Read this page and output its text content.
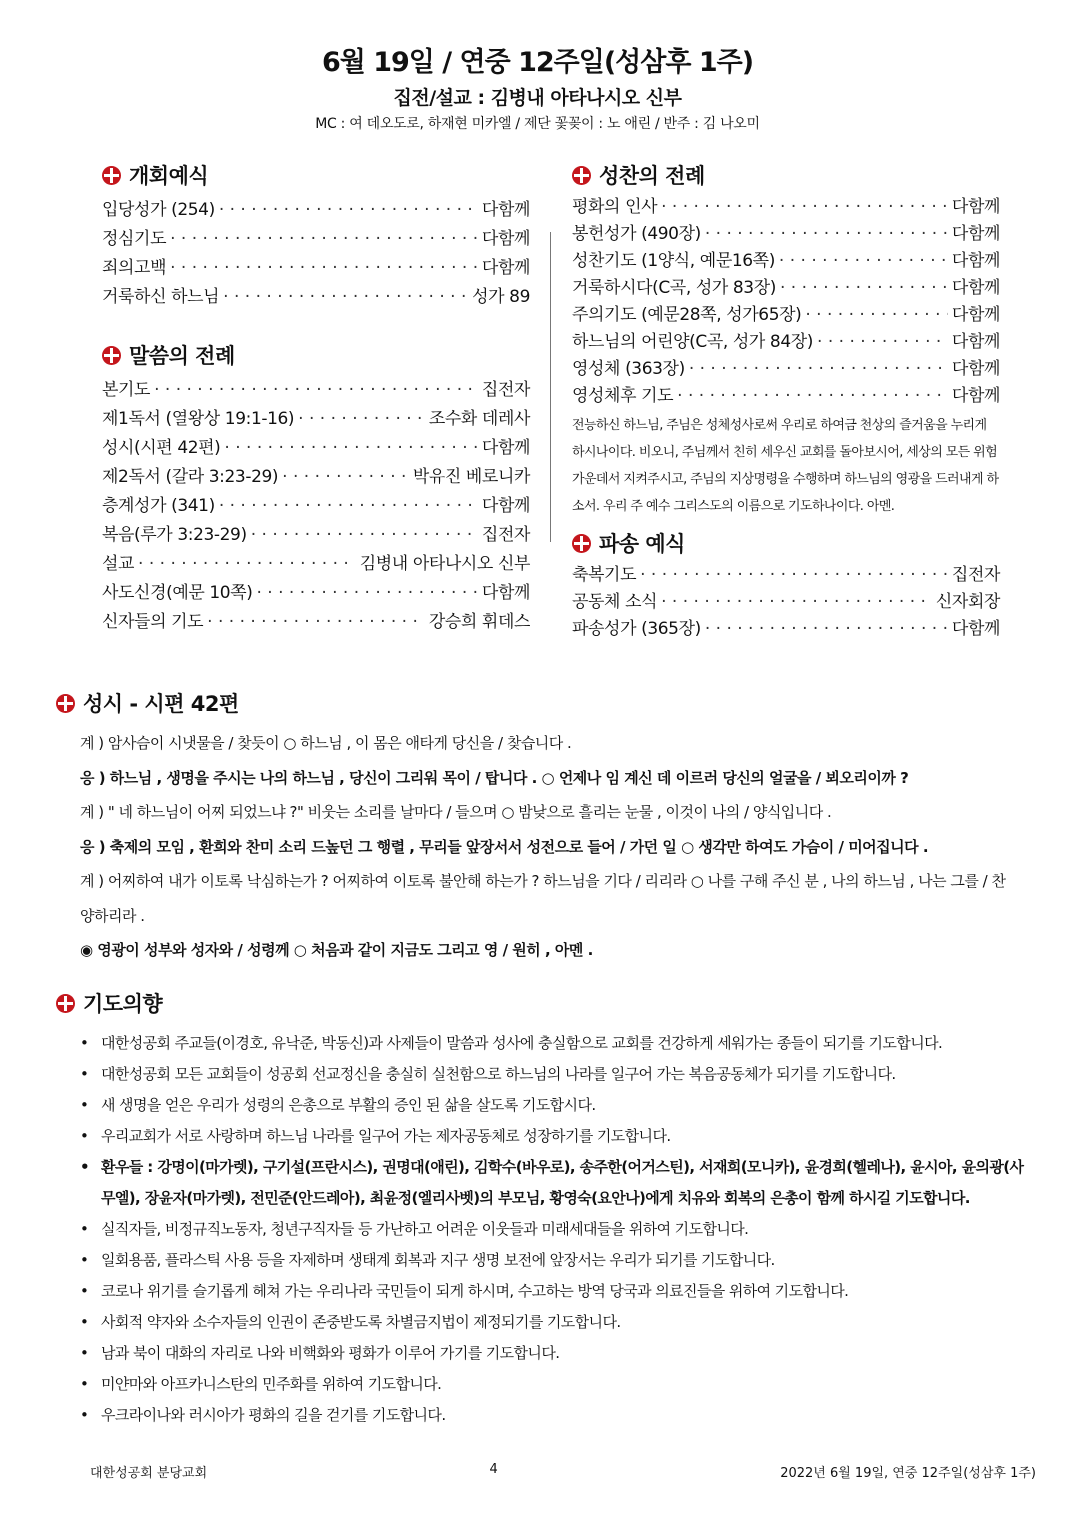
6월 19일 / 연중 12주일(성삼후 1주)
집전/설교 : 김병내 아타나시오 신부
MC : 여 데오도로, 하재현 미카엘 / 제단 꽃꽂이 : 노 애린 / 반주 : 김 나오미
개회예식
입당성가 (254) · · ·	다함께
정심기도 · · ·	다함께
죄의고백 · · ·	다함께
거룩하신 하느님 · · ·	성가 89
말씀의 전례
본기도 · · ·	집전자
제1독서 (열왕상 19:1-16) · · ·	조수화 데레사
성시(시편 42편) · · ·	다함께
제2독서 (갈라 3:23-29) · · ·	박유진 베로니카
층계성가 (341) · · ·	다함께
복음(루가 3:23-29) · · ·	집전자
설교 · · ·	김병내 아타나시오 신부
사도신경(예문 10쪽) · · ·	다함께
신자들의 기도 · · ·	강승희 휘데스
성찬의 전례
평화의 인사 · · ·	다함께
봉헌성가 (490장) · · ·	다함께
성찬기도 (1양식, 예문16쪽) · · ·	다함께
거룩하시다(C곡, 성가 83장) · · ·	다함께
주의기도 (예문28쪽, 성가65장) · · ·	다함께
하느님의 어린양(C곡, 성가 84장) · · ·	다함께
영성체 (363장) · · ·	다함께
영성체후 기도 · · ·	다함께
전능하신 하느님, 주님은 성체성사로써 우리로 하여금 천상의 즐거움을 누리게 하시나이다. 비오니, 주님께서 친히 세우신 교회를 돌아보시어, 세상의 모든 위험 가운데서 지켜주시고, 주님의 지상명령을 수행하며 하느님의 영광을 드러내게 하소서. 우리 주 예수 그리스도의 이름으로 기도하나이다. 아멘.
파송 예식
축복기도 · · ·	집전자
공동체 소식 · · ·	신자회장
파송성가 (365장) · · ·	다함께
성시 - 시편 42편
계 ) 암사슴이 시냇물을 / 찾듯이 ○ 하느님 , 이 몸은 애타게 당신을 / 찾습니다 .
응 ) 하느님 , 생명을 주시는 나의 하느님 , 당신이 그리워 목이 / 탑니다 . ○ 언제나 임 계신 데 이르러 당신의 얼굴을 / 뵈오리이까 ?
계 ) " 네 하느님이 어찌 되었느냐 ?" 비웃는 소리를 날마다 / 들으며 ○ 밤낮으로 흘리는 눈물 , 이것이 나의 / 양식입니다 .
응 ) 축제의 모임 , 환희와 찬미 소리 드높던 그 행렬 , 무리들 앞장서서 성전으로 들어 / 가던 일 ○ 생각만 하여도 가슴이 / 미어집니다 .
계 ) 어찌하여 내가 이토록 낙심하는가 ? 어찌하여 이토록 불안해 하는가 ? 하느님을 기다 / 리리라 ○ 나를 구해 주신 분 , 나의 하느님 , 나는 그를 / 찬양하리라 .
◉ 영광이 성부와 성자와 / 성령께 ○ 처음과 같이 지금도 그리고 영 / 원히 , 아멘 .
기도의향
• 대한성공회 주교들(이경호, 유낙준, 박동신)과 사제들이 말씀과 성사에 충실함으로 교회를 건강하게 세워가는 종들이 되기를 기도합니다.
• 대한성공회 모든 교회들이 성공회 선교정신을 충실히 실천함으로 하느님의 나라를 일구어 가는 복음공동체가 되기를 기도합니다.
• 새 생명을 얻은 우리가 성령의 은총으로 부활의 증인 된 삶을 살도록 기도합시다.
• 우리교회가 서로 사랑하며 하느님 나라를 일구어 가는 제자공동체로 성장하기를 기도합니다.
• 환우들 : 강명이(마가렛), 구기설(프란시스), 권명대(애린), 김학수(바우로), 송주한(어거스틴), 서재희(모니카), 윤경희(헬레나), 윤시아, 윤의광(사무엘), 장윤자(마가렛), 전민준(안드레아), 최윤정(엘리사벳)의 부모님, 황영숙(요안나)에게 치유와 회복의 은총이 함께 하시길 기도합니다.
• 실직자들, 비정규직노동자, 청년구직자들 등 가난하고 어려운 이웃들과 미래세대들을 위하여 기도합니다.
• 일회용품, 플라스틱 사용 등을 자제하며 생태계 회복과 지구 생명 보전에 앞장서는 우리가 되기를 기도합니다.
• 코로나 위기를 슬기롭게 헤쳐 가는 우리나라 국민들이 되게 하시며, 수고하는 방역 당국과 의료진들을 위하여 기도합니다.
• 사회적 약자와 소수자들의 인권이 존중받도록 차별금지법이 제정되기를 기도합니다.
• 남과 북이 대화의 자리로 나와 비핵화와 평화가 이루어 가기를 기도합니다.
• 미얀마와 아프카니스탄의 민주화를 위하여 기도합니다.
• 우크라이나와 러시아가 평화의 길을 걷기를 기도합니다.
대한성공회 분당교회	4	2022년 6월 19일, 연중 12주일(성삼후 1주)
